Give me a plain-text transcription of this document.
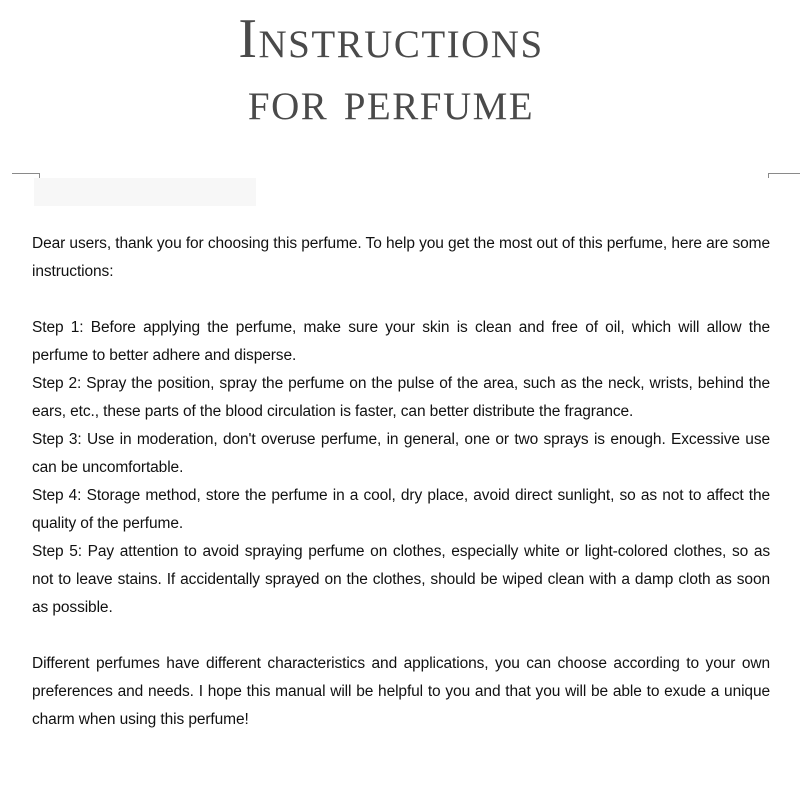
Instructions
for perfume

Dear users, thank you for choosing this perfume. To help you get the most out of this perfume, here are some instructions:

Step 1: Before applying the perfume, make sure your skin is clean and free of oil, which will allow the perfume to better adhere and disperse.

Step 2: Spray the position, spray the perfume on the pulse of the area, such as the neck, wrists, behind the ears, etc., these parts of the blood circulation is faster, can better distribute the fragrance.

Step 3: Use in moderation, don't overuse perfume, in general, one or two sprays is enough. Excessive use can be uncomfortable.

Step 4: Storage method, store the perfume in a cool, dry place, avoid direct sunlight, so as not to affect the quality of the perfume.

Step 5: Pay attention to avoid spraying perfume on clothes, especially white or light-colored clothes, so as not to leave stains. If accidentally sprayed on the clothes, should be wiped clean with a damp cloth as soon as possible.

Different perfumes have different characteristics and applications, you can choose according to your own preferences and needs. I hope this manual will be helpful to you and that you will be able to exude a unique charm when using this perfume!
